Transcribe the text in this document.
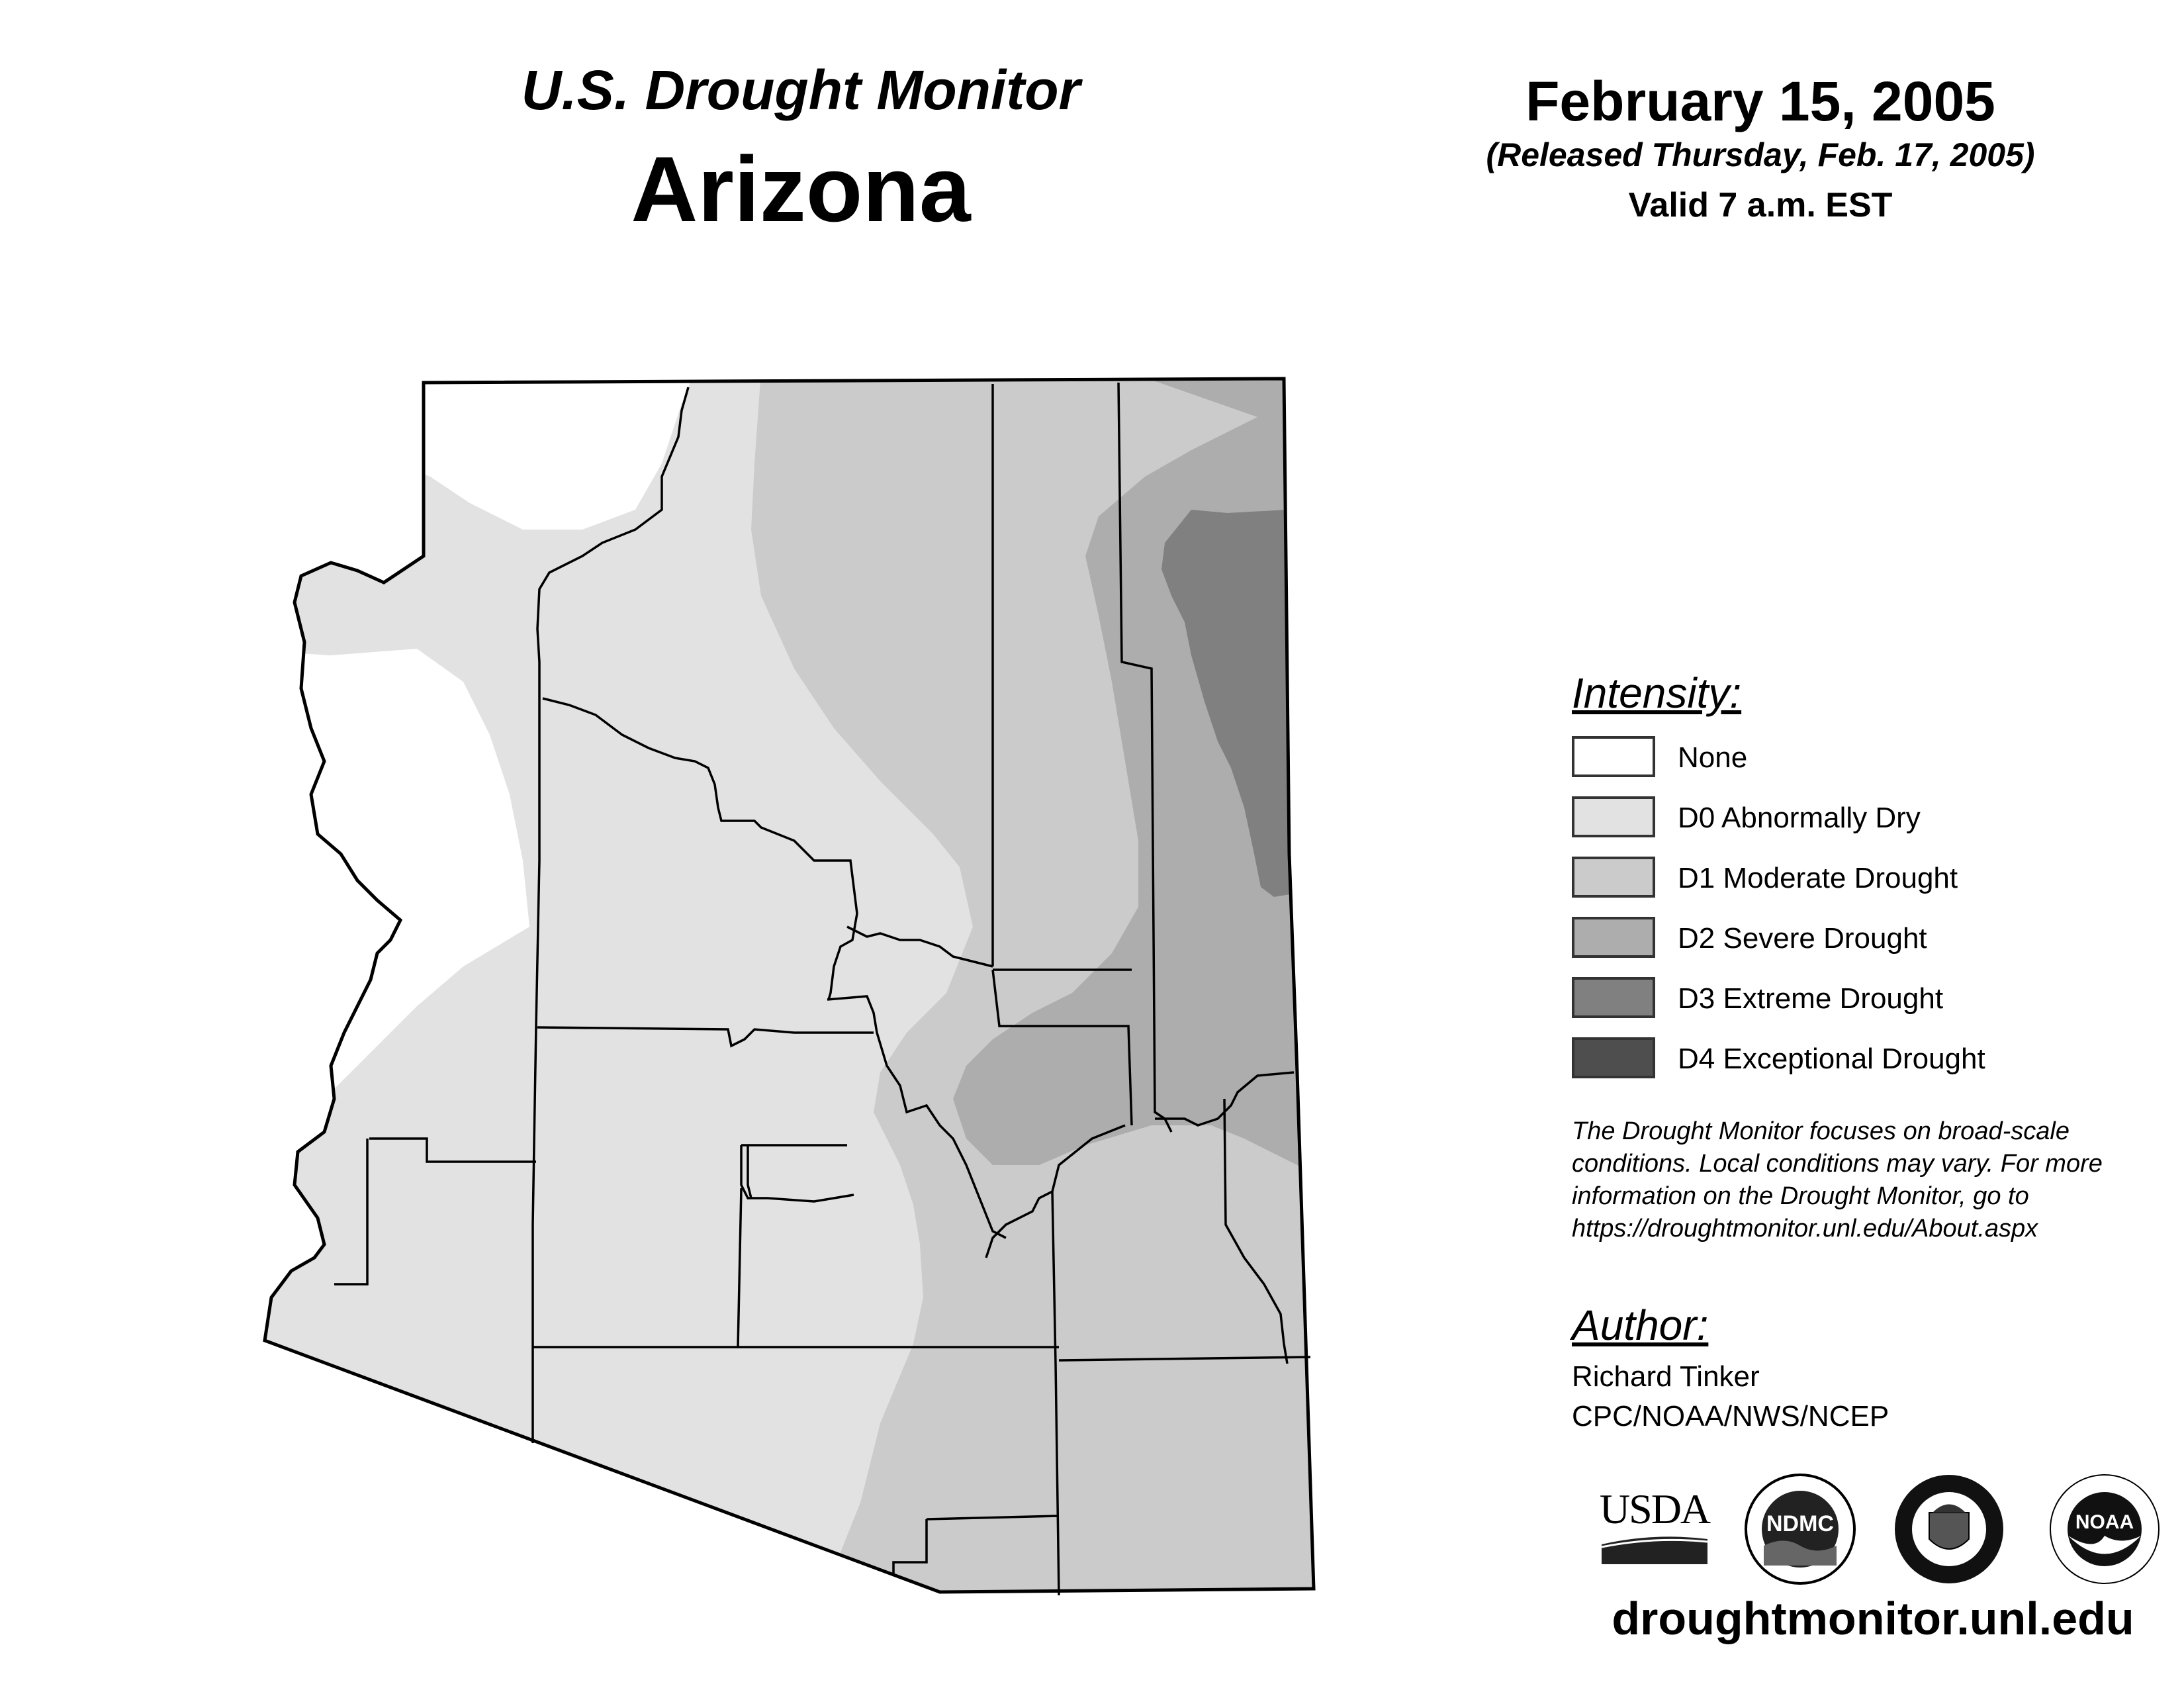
U.S. Drought Monitor
Arizona
February 15, 2005
(Released Thursday, Feb. 17, 2005)
Valid 7 a.m. EST
Intensity:
None
D0 Abnormally Dry
D1 Moderate Drought
D2 Severe Drought
D3 Extreme Drought
D4 Exceptional Drought
The Drought Monitor focuses on broad-scale conditions. Local conditions may vary. For more information on the Drought Monitor, go to https://droughtmonitor.unl.edu/About.aspx
Author:
Richard Tinker
CPC/NOAA/NWS/NCEP
USDA	NDMC	NOAA
droughtmonitor.unl.edu
